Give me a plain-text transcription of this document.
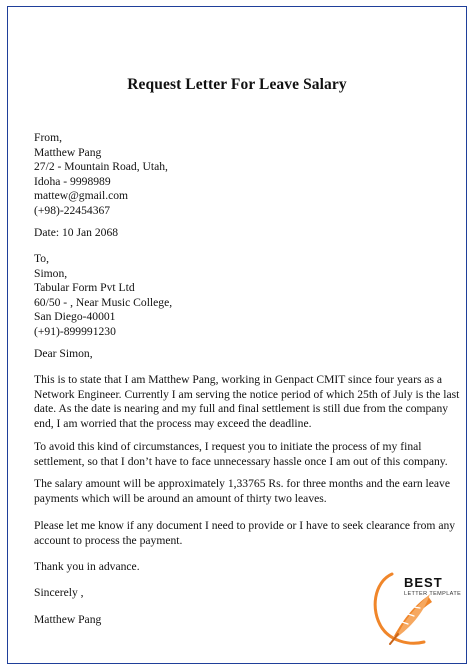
Request Letter For Leave Salary
From,
Matthew Pang
27/2 - Mountain Road, Utah,
Idoha - 9998989
mattew@gmail.com
(+98)-22454367
Date: 10 Jan 2068
To,
Simon,
Tabular Form Pvt Ltd
60/50 - , Near Music College,
San Diego-40001
(+91)-899991230
Dear Simon,
This is to state that I am Matthew Pang, working in Genpact CMIT since four years as a
Network Engineer. Currently I am serving the notice period of which 25th of July is the last
date. As the date is nearing and my full and final settlement is still due from the company
end, I am worried that the process may exceed the deadline.
To avoid this kind of circumstances, I request you to initiate the process of my final
settlement, so that I don’t have to face unnecessary hassle once I am out of this company.
The salary amount will be approximately 1,33765 Rs. for three months and the earn leave
payments which will be around an amount of thirty two leaves.
Please let me know if any document I need to provide or I have to seek clearance from any
account to process the payment.
Thank you in advance.
Sincerely ,
Matthew Pang
BEST
LETTER TEMPLATE
